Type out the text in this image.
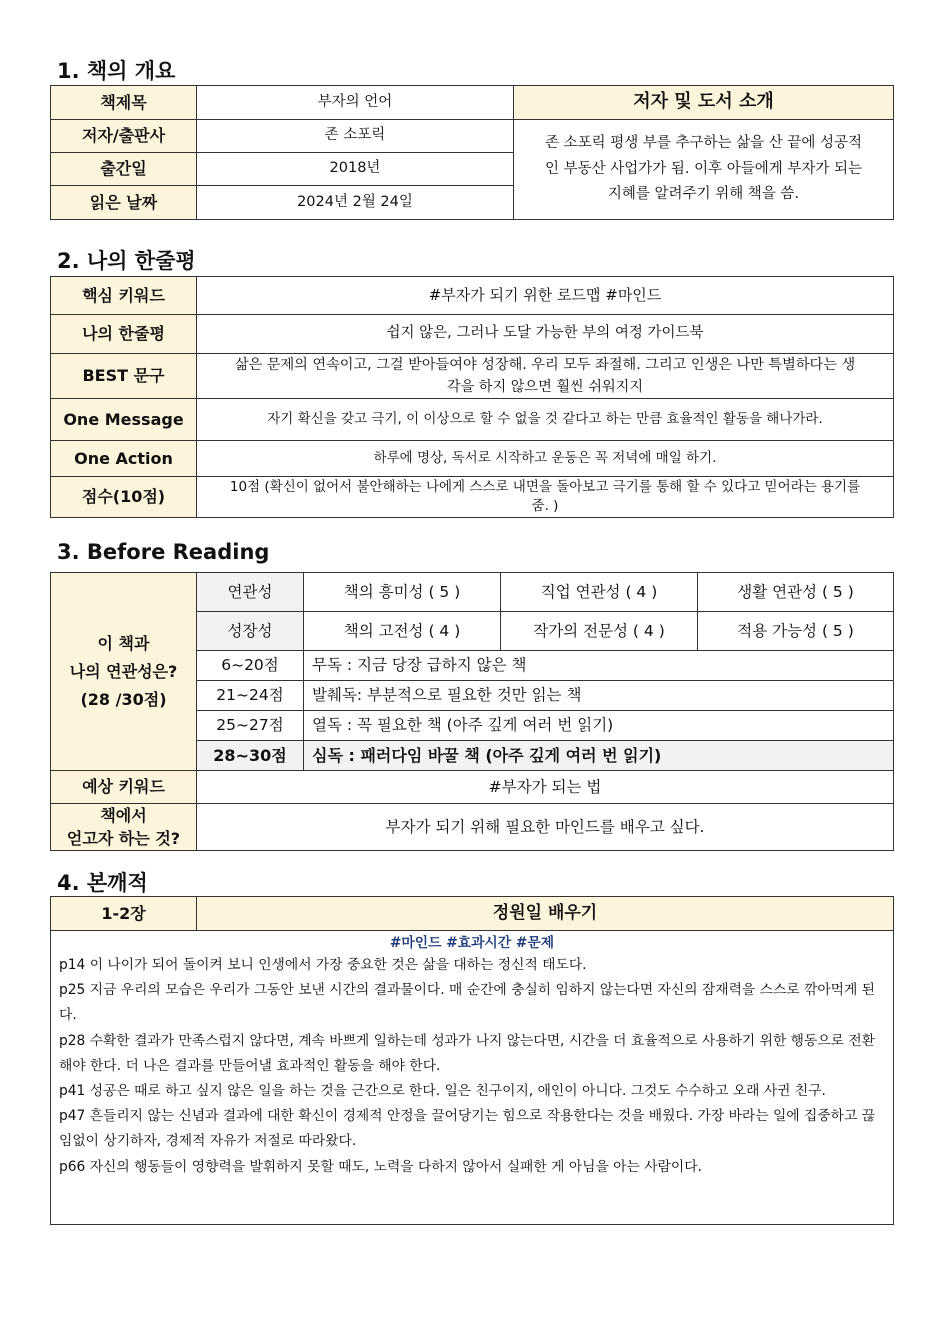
1. 책의 개요
책제목	부자의 언어	저자 및 도서 소개
저자/출판사	존 소포릭	존 소포릭 평생 부를 추구하는 삶을 산 끝에 성공적인 부동산 사업가가 됨. 이후 아들에게 부자가 되는 지혜를 알려주기 위해 책을 씀.
출간일	2018년	
읽은 날짜	2024년 2월 24일	
2. 나의 한줄평
핵심 키워드	#부자가 되기 위한 로드맵 #마인드
나의 한줄평	쉽지 않은, 그러나 도달 가능한 부의 여정 가이드북
BEST 문구	삶은 문제의 연속이고, 그걸 받아들여야 성장해. 우리 모두 좌절해. 그리고 인생은 나만 특별하다는 생각을 하지 않으면 훨씬 쉬워지지
One Message	자기 확신을 갖고 극기, 이 이상으로 할 수 없을 것 같다고 하는 만큼 효율적인 활동을 해나가라.
One Action	하루에 명상, 독서로 시작하고 운동은 꼭 저녁에 매일 하기.
점수(10점)	10점 (확신이 없어서 불안해하는 나에게 스스로 내면을 돌아보고 극기를 통해 할 수 있다고 믿어라는 용기를 줌. )
3. Before Reading
이 책과
나의 연관성은?
(28 /30점)	연관성	책의 흥미성 ( 5 )	직업 연관성 ( 4 )	생활 연관성 ( 5 )
	성장성	책의 고전성 ( 4 )	작가의 전문성 ( 4 )	적용 가능성 ( 5 )
	6~20점	무독 : 지금 당장 급하지 않은 책		
	21~24점	발췌독: 부분적으로 필요한 것만 읽는 책		
	25~27점	열독 : 꼭 필요한 책 (아주 깊게 여러 번 읽기)		
	28~30점	심독 : 패러다임 바꿀 책 (아주 깊게 여러 번 읽기)		
예상 키워드	#부자가 되는 법			

책에서
얻고자 하는 것?	부자가 되기 위해 필요한 마인드를 배우고 싶다.			
4. 본깨적
1-2장	정원일 배우기

#마인드 #효과시간 #문제

p14 이 나이가 되어 돌이켜 보니 인생에서 가장 중요한 것은 삶을 대하는 정신적 태도다.

p25 지금 우리의 모습은 우리가 그동안 보낸 시간의 결과물이다. 매 순간에 충실히 임하지 않는다면 자신의 잠재력을 스스로 깎아먹게 된다.

p28 수확한 결과가 만족스럽지 않다면, 계속 바쁘게 일하는데 성과가 나지 않는다면, 시간을 더 효율적으로 사용하기 위한 행동으로 전환해야 한다. 더 나은 결과를 만들어낼 효과적인 활동을 해야 한다.

p41 성공은 때로 하고 싶지 않은 일을 하는 것을 근간으로 한다. 일은 친구이지, 애인이 아니다. 그것도 수수하고 오래 사귄 친구.

p47 흔들리지 않는 신념과 결과에 대한 확신이 경제적 안정을 끌어당기는 힘으로 작용한다는 것을 배웠다. 가장 바라는 일에 집중하고 끊임없이 상기하자, 경제적 자유가 저절로 따라왔다.

p66 자신의 행동들이 영향력을 발휘하지 못할 때도, 노력을 다하지 않아서 실패한 게 아님을 아는 사람이다.
